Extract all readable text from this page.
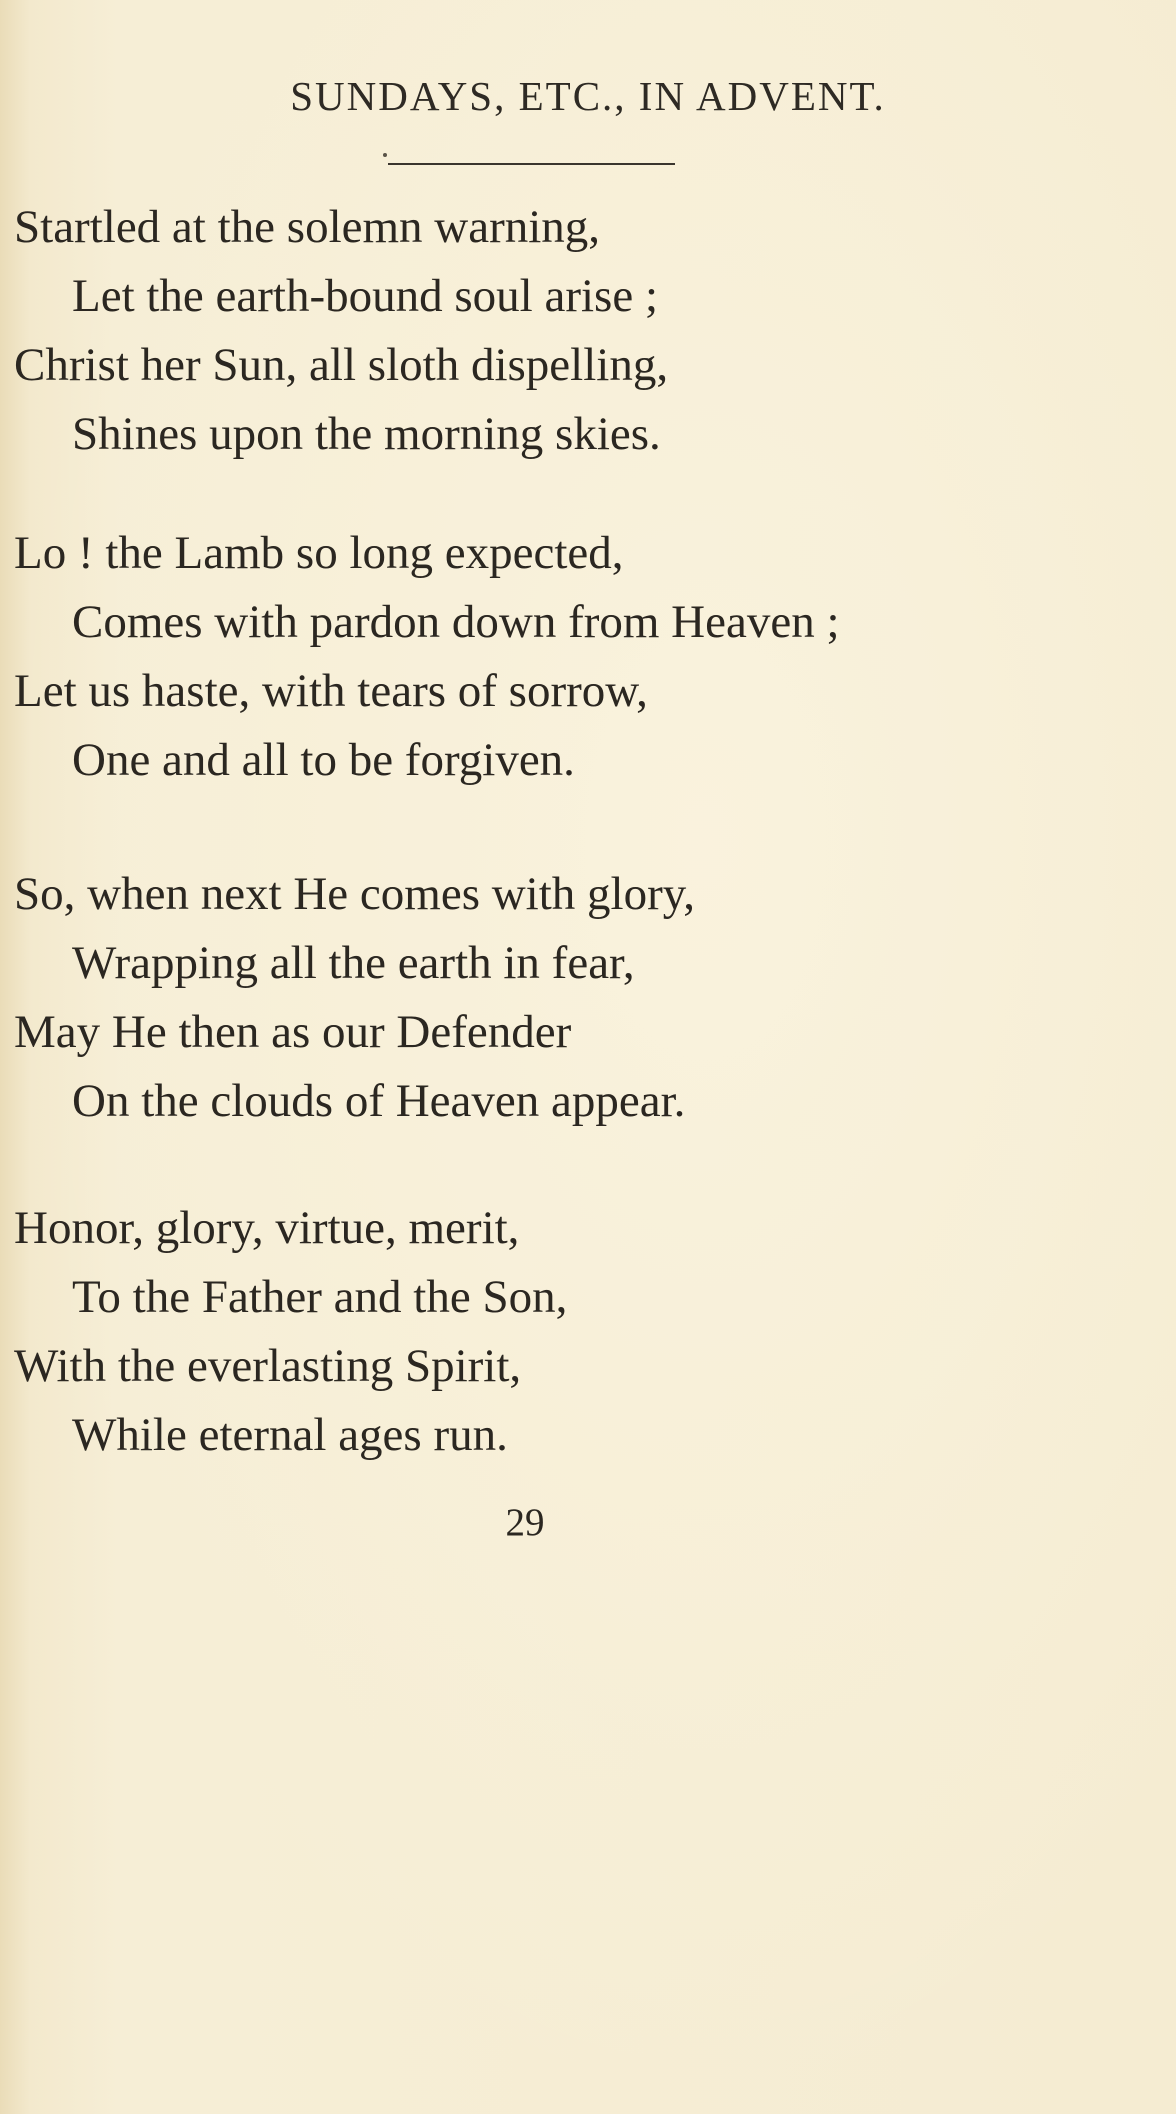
SUNDAYS, ETC., IN ADVENT.
Startled at the solemn warning,
Let the earth-bound soul arise ;
Christ her Sun, all sloth dispelling,
Shines upon the morning skies.
Lo ! the Lamb so long expected,
Comes with pardon down from Heaven ;
Let us haste, with tears of sorrow,
One and all to be forgiven.
So, when next He comes with glory,
Wrapping all the earth in fear,
May He then as our Defender
On the clouds of Heaven appear.
Honor, glory, virtue, merit,
To the Father and the Son,
With the everlasting Spirit,
While eternal ages run.
29
